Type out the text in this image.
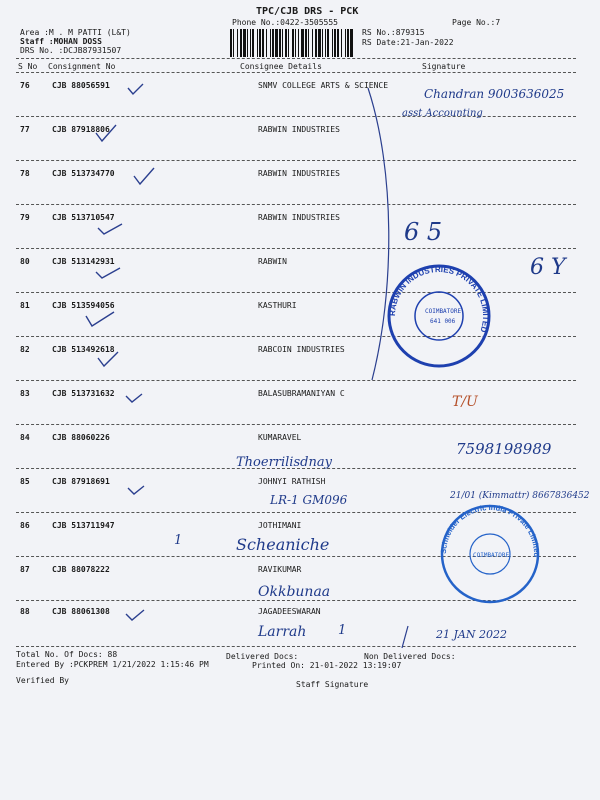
TPC/CJB DRS - PCK
Phone No.:0422-3505555	Page No.:7
Area :M . M PATTI (L&T)
Staff :MOHAN DOSS
DRS No. :DCJB87931507
RS No.:879315
RS Date:21-Jan-2022
S No Consignment No	Consignee Details	Signature
76	CJB 88056591	SNMV COLLEGE ARTS & SCIENCE
77	CJB 87918806	RABWIN INDUSTRIES
78	CJB 513734770	RABWIN INDUSTRIES
79	CJB 513710547	RABWIN INDUSTRIES
80	CJB 513142931	RABWIN
81	CJB 513594056	KASTHURI
82	CJB 513492618	RABCOIN INDUSTRIES
83	CJB 513731632	BALASUBRAMANIYAN C
84	CJB 88060226	KUMARAVEL
85	CJB 87918691	JOHNYI RATHISH
86	CJB 513711947	JOTHIMANI
87	CJB 88078222	RAVIKUMAR
88	CJB 88061308	JAGADEESWARAN
Total No. Of Docs: 88
Entered By :PCKPREM 1/21/2022 1:15:46 PM
Delivered Docs:
Printed On: 21-01-2022 13:19:07
Non Delivered Docs:
Verified By	Staff Signature
Chandran 9003636025
asst Accounting
6 5
6 Y
T/U
7598198989
Thoerrilisdnay
LR-1 GM096	21/01 (Kimmattr) 8667836452
1	Scheaniche
Okkbunaa
Larrah 1	21 JAN 2022
RABWIN INDUSTRIES PRIVATE LIMITED
COIMBATORE
641 006
Schneider Electric India Private Limited
COIMBATORE
